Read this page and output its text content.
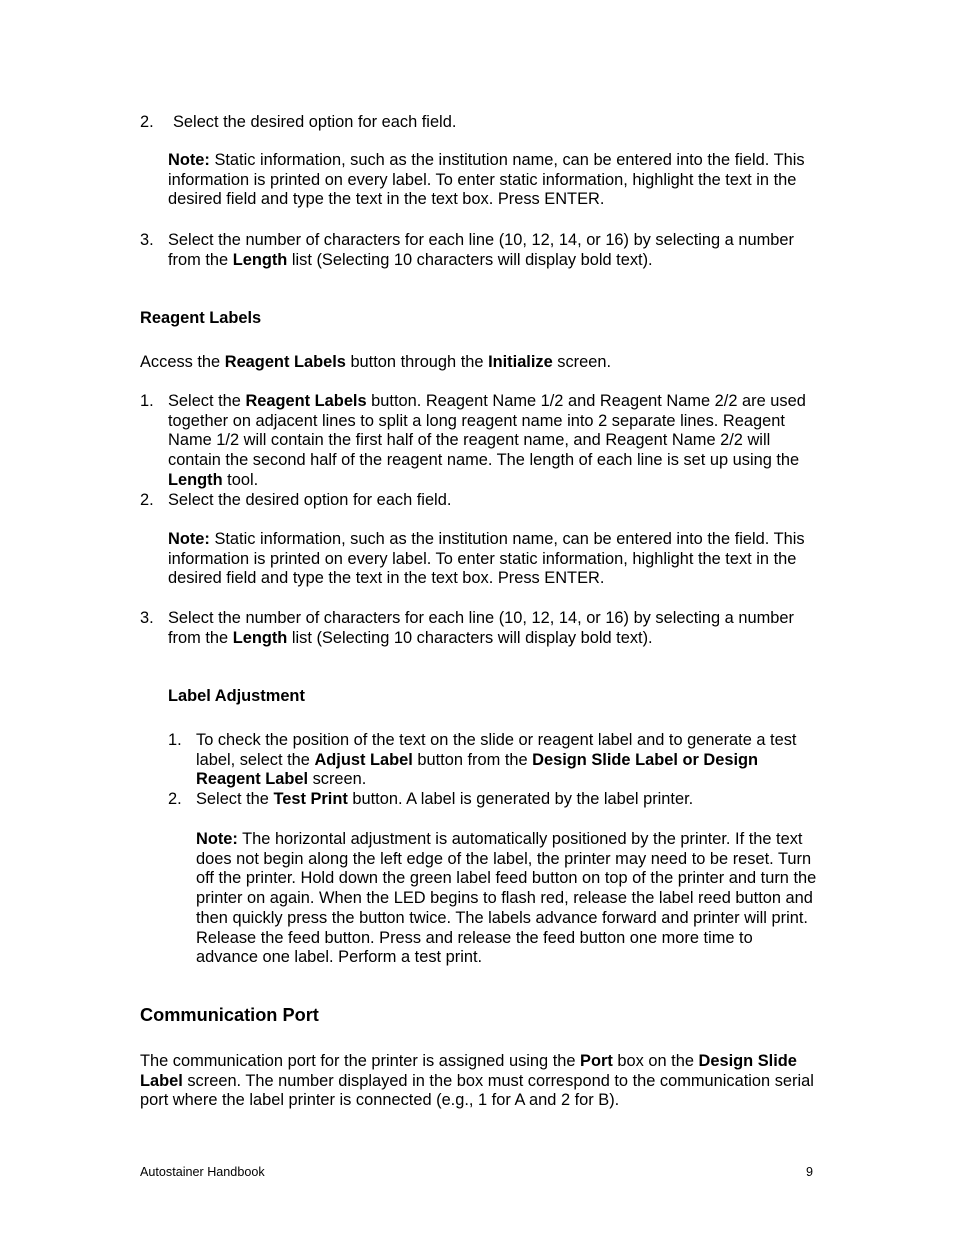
2. Select the desired option for each field.
Note: Static information, such as the institution name, can be entered into the field. This information is printed on every label. To enter static information, highlight the text in the desired field and type the text in the text box. Press ENTER.
3. Select the number of characters for each line (10, 12, 14, or 16) by selecting a number from the Length list (Selecting 10 characters will display bold text).
Reagent Labels
Access the Reagent Labels button through the Initialize screen.
1. Select the Reagent Labels button. Reagent Name 1/2 and Reagent Name 2/2 are used together on adjacent lines to split a long reagent name into 2 separate lines. Reagent Name 1/2 will contain the first half of the reagent name, and Reagent Name 2/2 will contain the second half of the reagent name. The length of each line is set up using the Length tool.
2. Select the desired option for each field.
Note: Static information, such as the institution name, can be entered into the field. This information is printed on every label. To enter static information, highlight the text in the desired field and type the text in the text box. Press ENTER.
3. Select the number of characters for each line (10, 12, 14, or 16) by selecting a number from the Length list (Selecting 10 characters will display bold text).
Label Adjustment
1. To check the position of the text on the slide or reagent label and to generate a test label, select the Adjust Label button from the Design Slide Label or Design Reagent Label screen.
2. Select the Test Print button. A label is generated by the label printer.
Note: The horizontal adjustment is automatically positioned by the printer. If the text does not begin along the left edge of the label, the printer may need to be reset. Turn off the printer. Hold down the green label feed button on top of the printer and turn the printer on again. When the LED begins to flash red, release the label reed button and then quickly press the button twice. The labels advance forward and printer will print. Release the feed button. Press and release the feed button one more time to advance one label. Perform a test print.
Communication Port
The communication port for the printer is assigned using the Port box on the Design Slide Label screen. The number displayed in the box must correspond to the communication serial port where the label printer is connected (e.g., 1 for A and 2 for B).
Autostainer Handbook	9
